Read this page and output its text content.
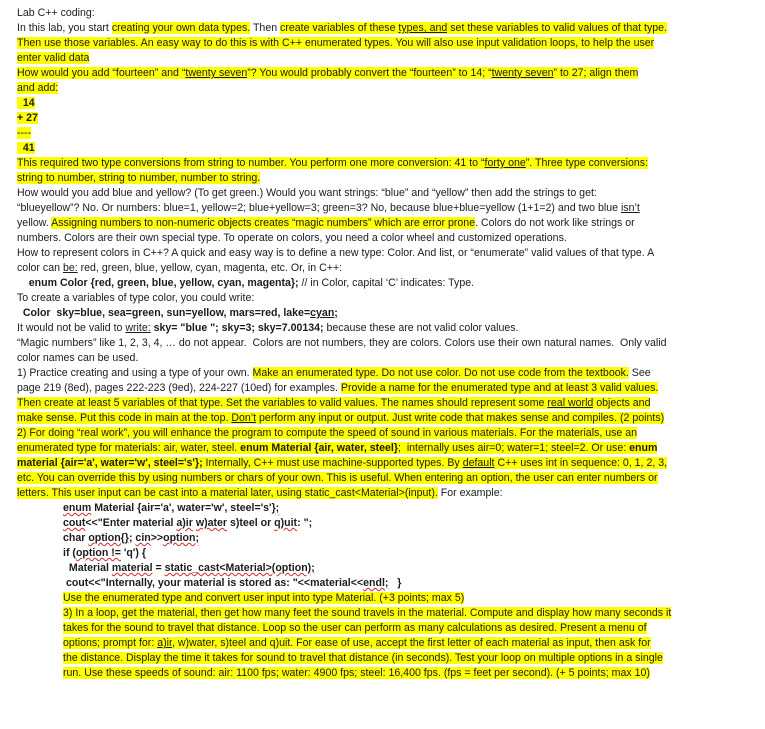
Lab C++ coding:
In this lab, you start creating your own data types. Then create variables of these types, and set these variables to valid values of that type.
Then use those variables. An easy way to do this is with C++ enumerated types. You will also use input validation loops, to help the user
enter valid data
How would you add “fourteen” and “twenty seven”? You would probably convert the “fourteen” to 14; “twenty seven” to 27; align them
and add:
14
+ 27
----
41
This required two type conversions from string to number. You perform one more conversion: 41 to “forty one”. Three type conversions:
string to number, string to number, number to string.
How would you add blue and yellow? (To get green.) Would you want strings: “blue” and “yellow” then add the strings to get:
“blueyellow”? No. Or numbers: blue=1, yellow=2; blue+yellow=3; green=3? No, because blue+blue=yellow (1+1=2) and two blue isn’t
yellow. Assigning numbers to non-numeric objects creates “magic numbers” which are error prone. Colors do not work like strings or
numbers. Colors are their own special type. To operate on colors, you need a color wheel and customized operations.
How to represent colors in C++? A quick and easy way is to define a new type: Color. And list, or “enumerate” valid values of that type. A
color can be: red, green, blue, yellow, cyan, magenta, etc. Or, in C++:
enum Color {red, green, blue, yellow, cyan, magenta}; // in Color, capital ‘C’ indicates: Type.
To create a variables of type color, you could write:
Color  sky=blue, sea=green, sun=yellow, mars=red, lake=cyan;
It would not be valid to write: sky= "blue "; sky=3; sky=7.00134; because these are not valid color values.
“Magic numbers” like 1, 2, 3, 4, … do not appear.  Colors are not numbers, they are colors. Colors use their own natural names.  Only valid
color names can be used.
1) Practice creating and using a type of your own. Make an enumerated type. Do not use color. Do not use code from the textbook. See
page 219 (8ed), pages 222-223 (9ed), 224-227 (10ed) for examples. Provide a name for the enumerated type and at least 3 valid values.
Then create at least 5 variables of that type. Set the variables to valid values. The names should represent some real world objects and
make sense. Put this code in main at the top. Don’t perform any input or output. Just write code that makes sense and compiles. (2 points)
2) For doing “real work”, you will enhance the program to compute the speed of sound in various materials. For the materials, use an
enumerated type for materials: air, water, steel. enum Material {air, water, steel};  internally uses air=0; water=1; steel=2. Or use: enum
material {air='a', water='w', steel='s'}; Internally, C++ must use machine-supported types. By default C++ uses int in sequence: 0, 1, 2, 3,
etc. You can override this by using numbers or chars of your own. This is useful. When entering an option, the user can enter numbers or
letters. This user input can be cast into a material later, using static_cast<Material>(input). For example:
enum Material {air='a', water='w', steel='s'};
cout<<"Enter material a)ir w)ater s)teel or q)uit: ";
char option{}; cin>>option;
if (option != 'q') {
Material material = static_cast<Material>(option);
cout<<"Internally, your material is stored as: "<<material<<endl;   }
Use the enumerated type and convert user input into type Material. (+3 points; max 5)
3) In a loop, get the material, then get how many feet the sound travels in the material. Compute and display how many seconds it
takes for the sound to travel that distance. Loop so the user can perform as many calculations as desired. Present a menu of
options; prompt for: a)ir, w)water, s)teel and q)uit. For ease of use, accept the first letter of each material as input, then ask for
the distance. Display the time it takes for sound to travel that distance (in seconds). Test your loop on multiple options in a single
run. Use these speeds of sound: air: 1100 fps; water: 4900 fps; steel: 16,400 fps. (fps = feet per second). (+ 5 points; max 10)
